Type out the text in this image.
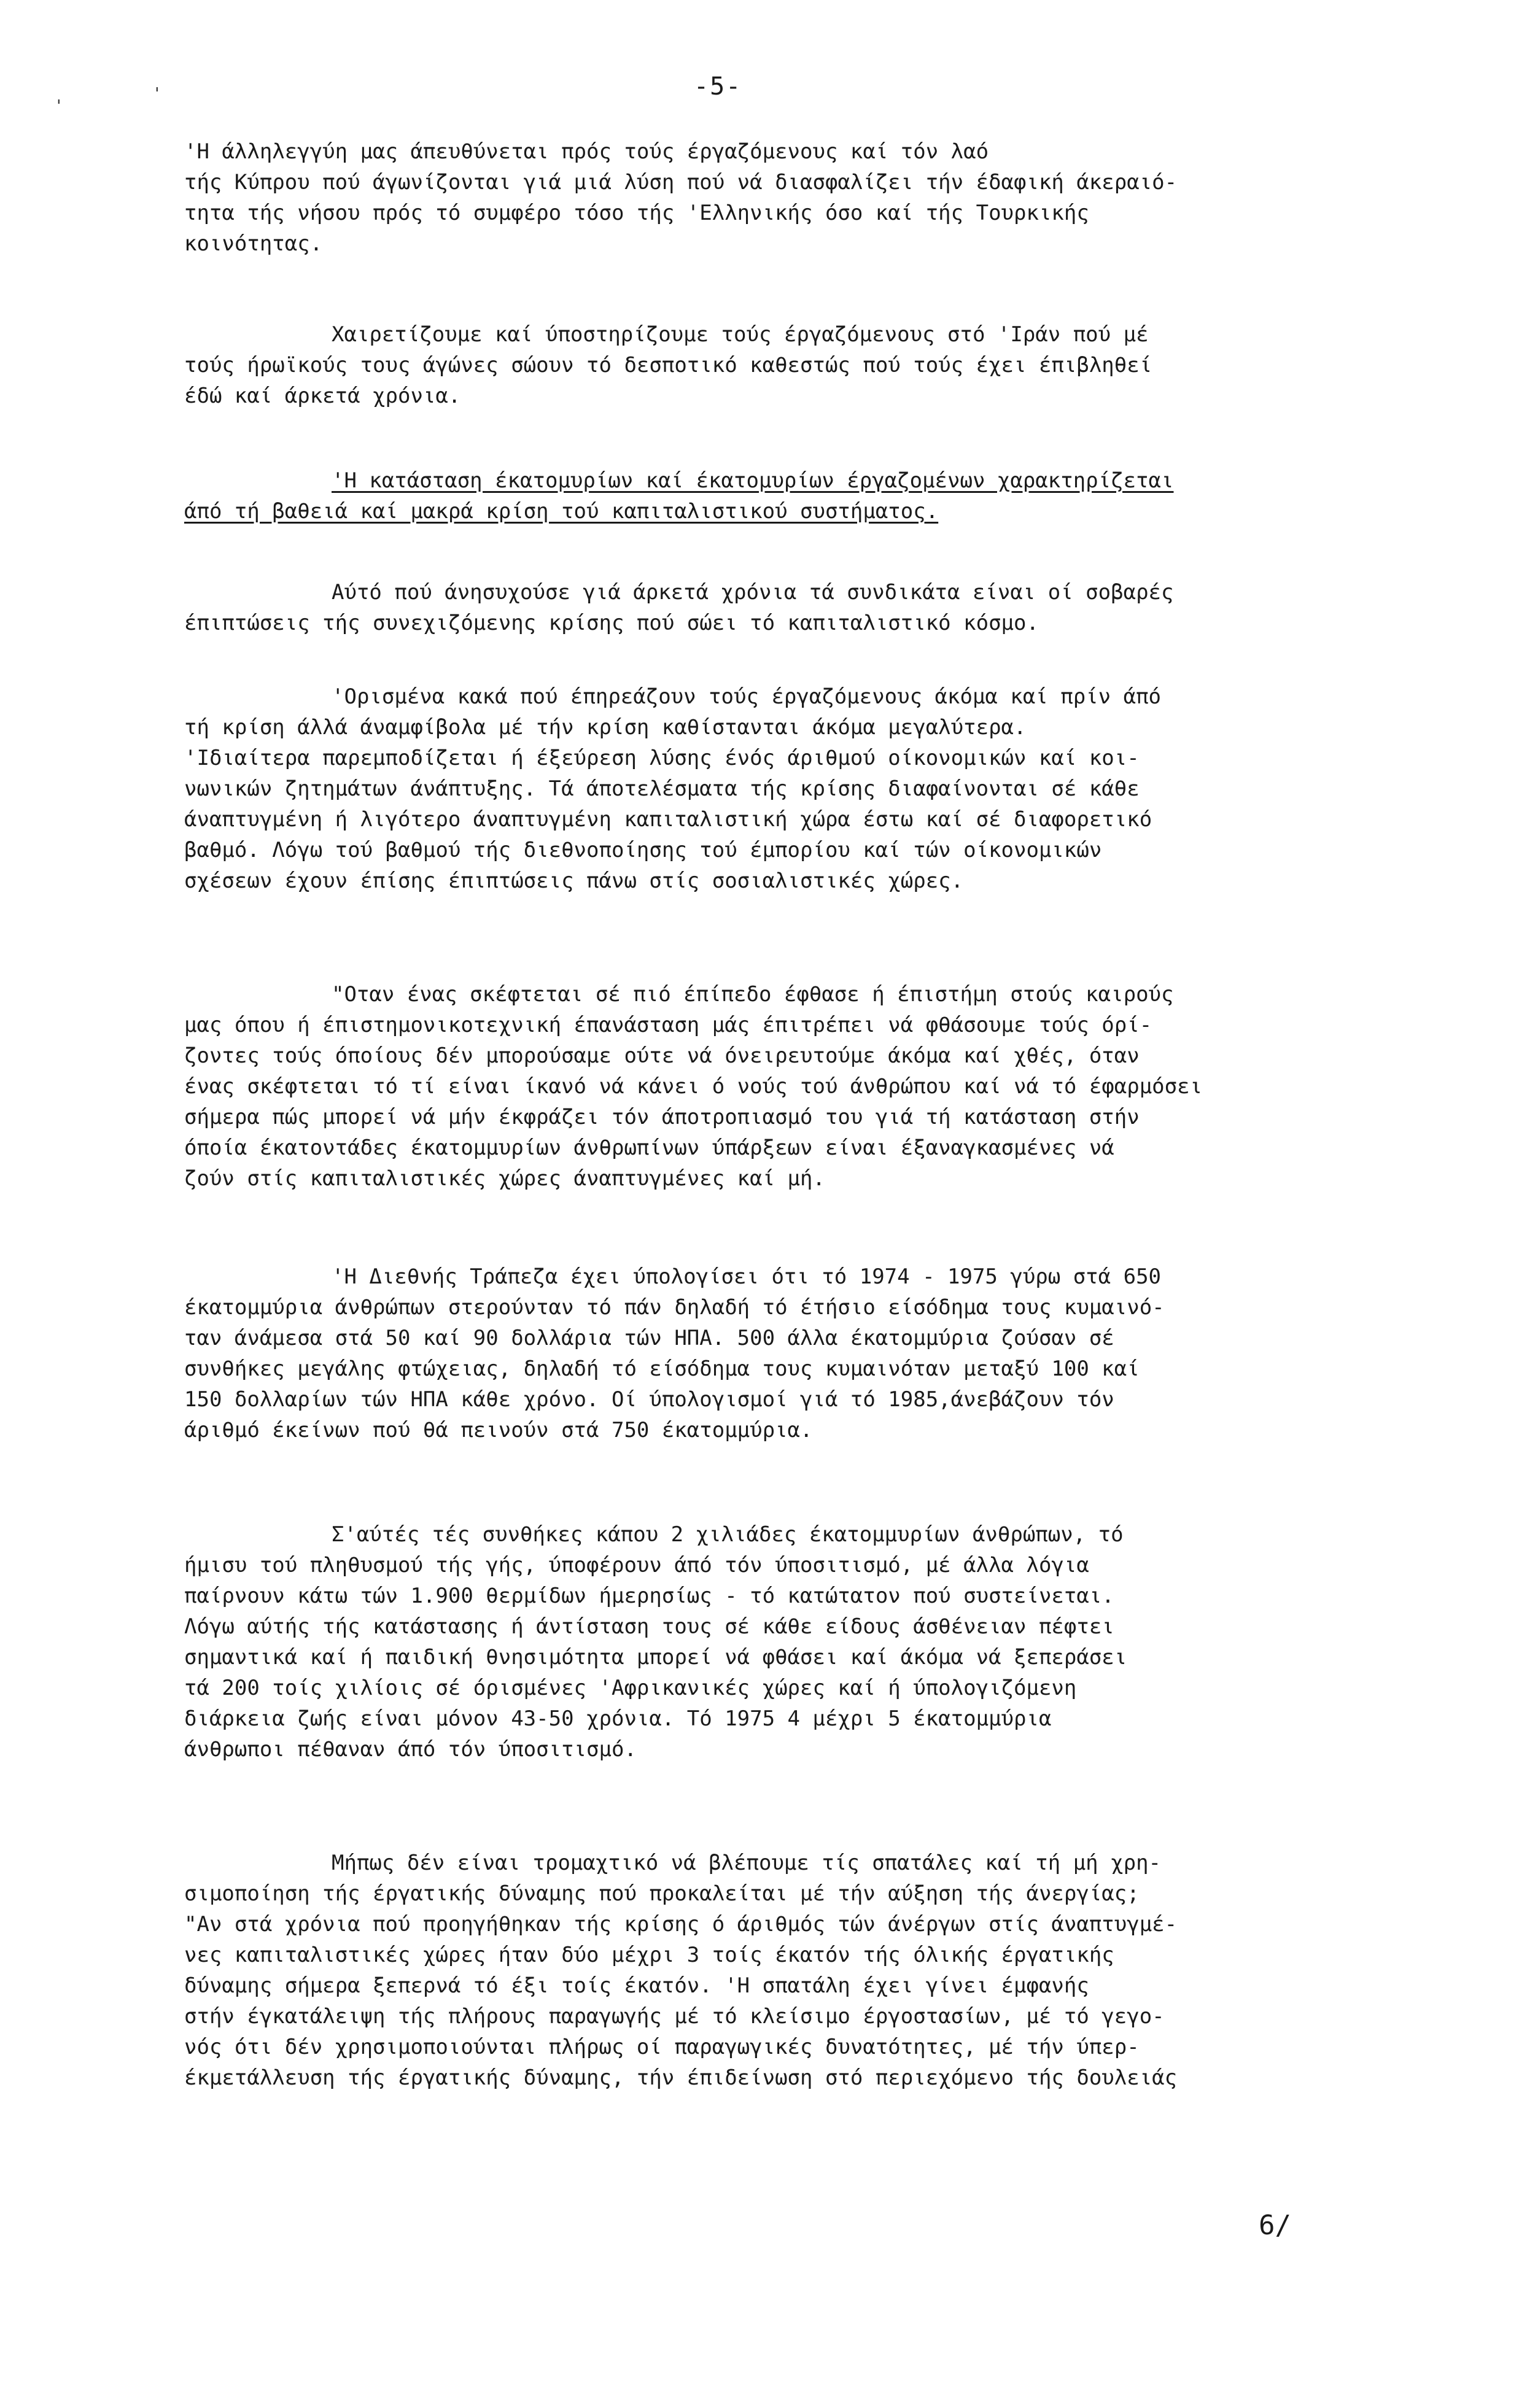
'
'	-5-
'Η άλληλεγγύη μας άπευθύνεται πρός τούς έργαζόμενους καί τόν λαό
τής Κύπρου πού άγωνίζονται γιά μιά λύση πού νά διασφαλίζει τήν έδαφική άκεραιό-
τητα τής νήσου πρός τό συμφέρο τόσο τής 'Ελληνικής όσο καί τής Τουρκικής
κοινότητας.
Χαιρετίζουμε καί ύποστηρίζουμε τούς έργαζόμενους στό 'Ιράν πού μέ
τούς ήρωϊκούς τους άγώνες σώουν τό δεσποτικό καθεστώς πού τούς έχει έπιβληθεί
έδώ καί άρκετά χρόνια.
'Η κατάσταση έκατομυρίων καί έκατομυρίων έργαζομένων χαρακτηρίζεται
άπό τή βαθειά καί μακρά κρίση τού καπιταλιστικού συστήματος.
Αύτό πού άνησυχούσε γιά άρκετά χρόνια τά συνδικάτα είναι οί σοβαρές
έπιπτώσεις τής συνεχιζόμενης κρίσης πού σώει τό καπιταλιστικό κόσμο.
'Ορισμένα κακά πού έπηρεάζουν τούς έργαζόμενους άκόμα καί πρίν άπό
τή κρίση άλλά άναμφίβολα μέ τήν κρίση καθίστανται άκόμα μεγαλύτερα.
'Ιδιαίτερα παρεμποδίζεται ή έξεύρεση λύσης ένός άριθμού οίκονομικών καί κοι-
νωνικών ζητημάτων άνάπτυξης. Τά άποτελέσματα τής κρίσης διαφαίνονται σέ κάθε
άναπτυγμένη ή λιγότερο άναπτυγμένη καπιταλιστική χώρα έστω καί σέ διαφορετικό
βαθμό. Λόγω τού βαθμού τής διεθνοποίησης τού έμπορίου καί τών οίκονομικών
σχέσεων έχουν έπίσης έπιπτώσεις πάνω στίς σοσιαλιστικές χώρες.
"Οταν ένας σκέφτεται σέ πιό έπίπεδο έφθασε ή έπιστήμη στούς καιρούς
μας όπου ή έπιστημονικοτεχνική έπανάσταση μάς έπιτρέπει νά φθάσουμε τούς όρί-
ζοντες τούς όποίους δέν μπορούσαμε ούτε νά όνειρευτούμε άκόμα καί χθές, όταν
ένας σκέφτεται τό τί είναι ίκανό νά κάνει ό νούς τού άνθρώπου καί νά τό έφαρμόσει
σήμερα πώς μπορεί νά μήν έκφράζει τόν άποτροπιασμό του γιά τή κατάσταση στήν
όποία έκατοντάδες έκατομμυρίων άνθρωπίνων ύπάρξεων είναι έξαναγκασμένες νά
ζούν στίς καπιταλιστικές χώρες άναπτυγμένες καί μή.
'Η Διεθνής Τράπεζα έχει ύπολογίσει ότι τό 1974 - 1975 γύρω στά 650
έκατομμύρια άνθρώπων στερούνταν τό πάν δηλαδή τό έτήσιο είσόδημα τους κυμαινό-
ταν άνάμεσα στά 50 καί 90 δολλάρια τών ΗΠΑ. 500 άλλα έκατομμύρια ζούσαν σέ
συνθήκες μεγάλης φτώχειας, δηλαδή τό είσόδημα τους κυμαινόταν μεταξύ 100 καί
150 δολλαρίων τών ΗΠΑ κάθε χρόνο. Οί ύπολογισμοί γιά τό 1985,άνεβάζουν τόν
άριθμό έκείνων πού θά πεινούν στά 750 έκατομμύρια.
Σ'αύτές τές συνθήκες κάπου 2 χιλιάδες έκατομμυρίων άνθρώπων, τό
ήμισυ τού πληθυσμού τής γής, ύποφέρουν άπό τόν ύποσιτισμό, μέ άλλα λόγια
παίρνουν κάτω τών 1.900 θερμίδων ήμερησίως - τό κατώτατον πού συστείνεται.
Λόγω αύτής τής κατάστασης ή άντίσταση τους σέ κάθε είδους άσθένειαν πέφτει
σημαντικά καί ή παιδική θνησιμότητα μπορεί νά φθάσει καί άκόμα νά ξεπεράσει
τά 200 τοίς χιλίοις σέ όρισμένες 'Αφρικανικές χώρες καί ή ύπολογιζόμενη
διάρκεια ζωής είναι μόνον 43-50 χρόνια. Τό 1975 4 μέχρι 5 έκατομμύρια
άνθρωποι πέθαναν άπό τόν ύποσιτισμό.
Μήπως δέν είναι τρομαχτικό νά βλέπουμε τίς σπατάλες καί τή μή χρη-
σιμοποίηση τής έργατικής δύναμης πού προκαλείται μέ τήν αύξηση τής άνεργίας;
"Αν στά χρόνια πού προηγήθηκαν τής κρίσης ό άριθμός τών άνέργων στίς άναπτυγμέ-
νες καπιταλιστικές χώρες ήταν δύο μέχρι 3 τοίς έκατόν τής όλικής έργατικής
δύναμης σήμερα ξεπερνά τό έξι τοίς έκατόν. 'Η σπατάλη έχει γίνει έμφανής
στήν έγκατάλειψη τής πλήρους παραγωγής μέ τό κλείσιμο έργοστασίων, μέ τό γεγο-
νός ότι δέν χρησιμοποιούνται πλήρως οί παραγωγικές δυνατότητες, μέ τήν ύπερ-
έκμετάλλευση τής έργατικής δύναμης, τήν έπιδείνωση στό περιεχόμενο τής δουλειάς
6/
